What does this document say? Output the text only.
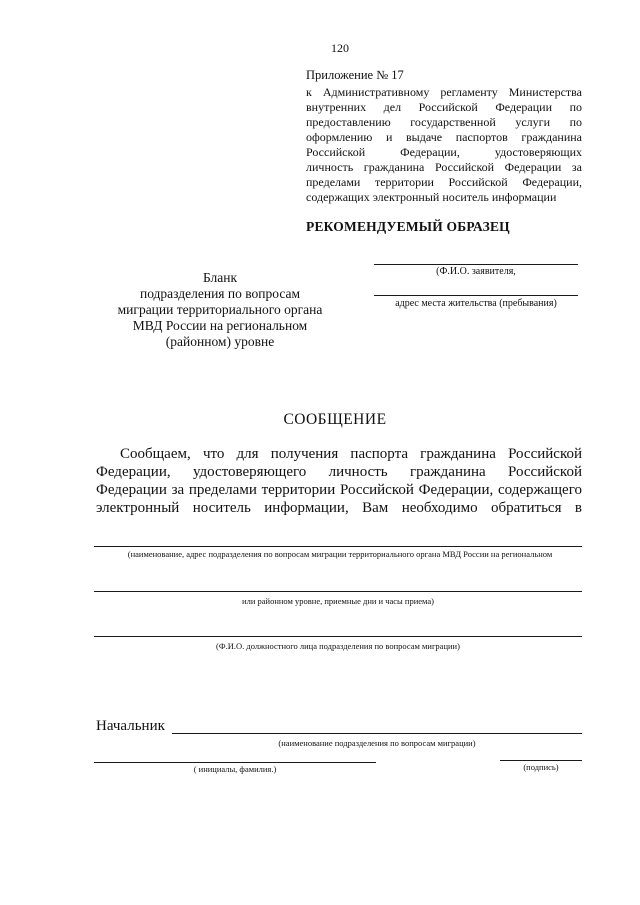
120
Приложение № 17
к Административному регламенту Министерства
внутренних дел Российской Федерации по
предоставлению государственной услуги по
оформлению и выдаче паспортов гражданина
Российской Федерации, удостоверяющих
личность гражданина Российской Федерации за
пределами территории Российской Федерации,
содержащих электронный носитель информации
РЕКОМЕНДУЕМЫЙ ОБРАЗЕЦ
Бланк
подразделения по вопросам
миграции территориального органа
МВД России на региональном
(районном) уровне
(Ф.И.О. заявителя,
адрес места жительства (пребывания)
СООБЩЕНИЕ
Сообщаем, что для получения паспорта гражданина Российской
Федерации, удостоверяющего личность гражданина Российской
Федерации за пределами территории Российской Федерации, содержащего
электронный носитель информации, Вам необходимо обратиться в
(наименование, адрес подразделения по вопросам миграции территориального органа МВД России на региональном
или районном уровне, приемные дни и часы приема)
(Ф.И.О. должностного лица подразделения по вопросам миграции)
Начальник
(наименование подразделения по вопросам миграции)
( инициалы, фамилия.)	(подпись)
